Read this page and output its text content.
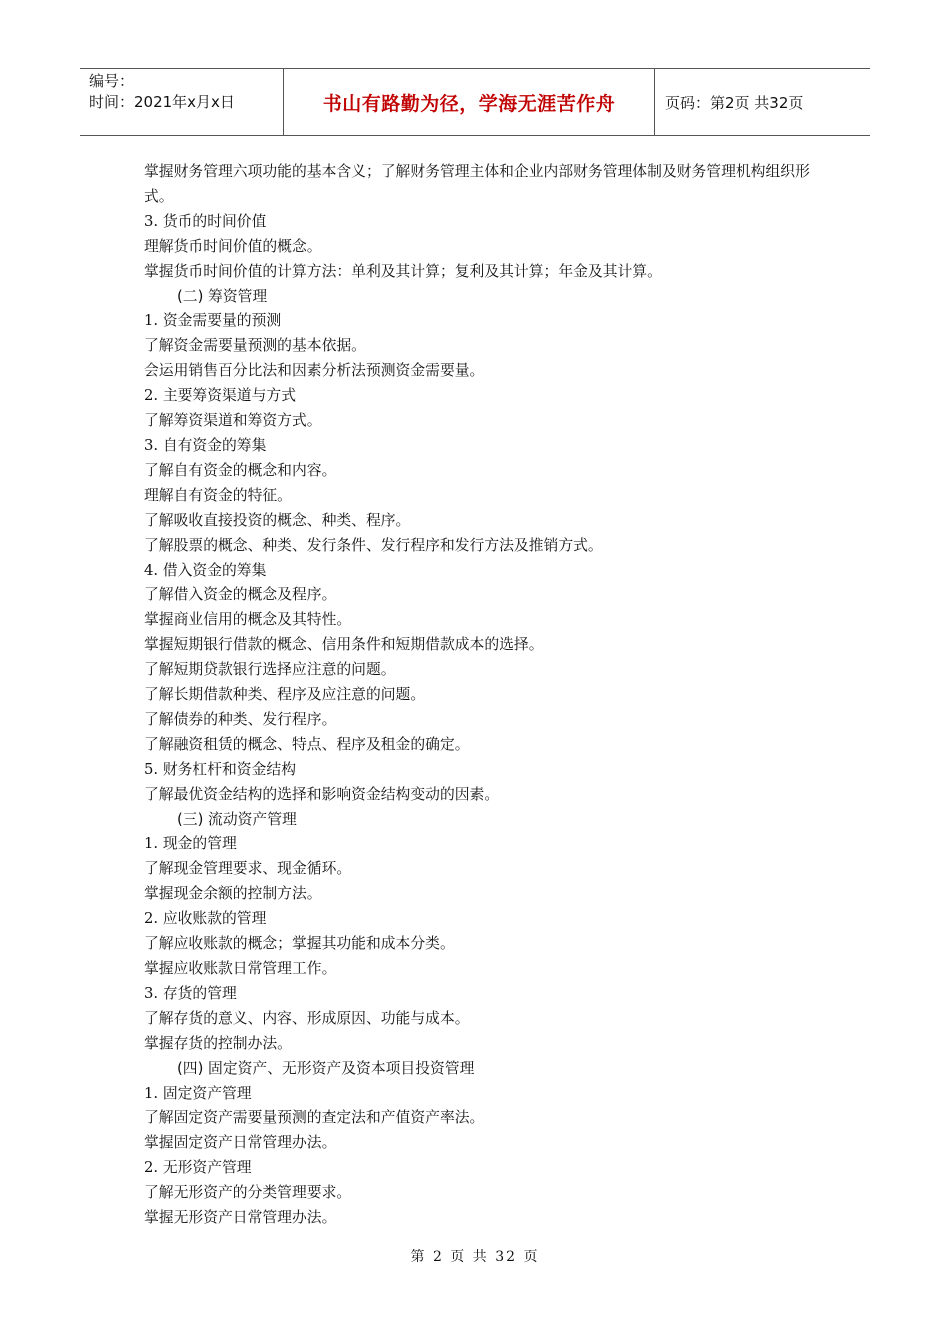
编号：
时间：2021年x月x日	书山有路勤为径，学海无涯苦作舟	页码：第2页 共32页
掌握财务管理六项功能的基本含义；了解财务管理主体和企业内部财务管理体制及财务管理机构组织形式。
3. 货币的时间价值
理解货币时间价值的概念。
掌握货币时间价值的计算方法：单利及其计算；复利及其计算；年金及其计算。
(二) 筹资管理
1. 资金需要量的预测
了解资金需要量预测的基本依据。
会运用销售百分比法和因素分析法预测资金需要量。
2. 主要筹资渠道与方式
了解筹资渠道和筹资方式。
3. 自有资金的筹集
了解自有资金的概念和内容。
理解自有资金的特征。
了解吸收直接投资的概念、种类、程序。
了解股票的概念、种类、发行条件、发行程序和发行方法及推销方式。
4. 借入资金的筹集
了解借入资金的概念及程序。
掌握商业信用的概念及其特性。
掌握短期银行借款的概念、信用条件和短期借款成本的选择。
了解短期贷款银行选择应注意的问题。
了解长期借款种类、程序及应注意的问题。
了解债券的种类、发行程序。
了解融资租赁的概念、特点、程序及租金的确定。
5. 财务杠杆和资金结构
了解最优资金结构的选择和影响资金结构变动的因素。
(三) 流动资产管理
1. 现金的管理
了解现金管理要求、现金循环。
掌握现金余额的控制方法。
2. 应收账款的管理
了解应收账款的概念；掌握其功能和成本分类。
掌握应收账款日常管理工作。
3. 存货的管理
了解存货的意义、内容、形成原因、功能与成本。
掌握存货的控制办法。
(四) 固定资产、无形资产及资本项目投资管理
1. 固定资产管理
了解固定资产需要量预测的查定法和产值资产率法。
掌握固定资产日常管理办法。
2. 无形资产管理
了解无形资产的分类管理要求。
掌握无形资产日常管理办法。
第 2 页 共 32 页
